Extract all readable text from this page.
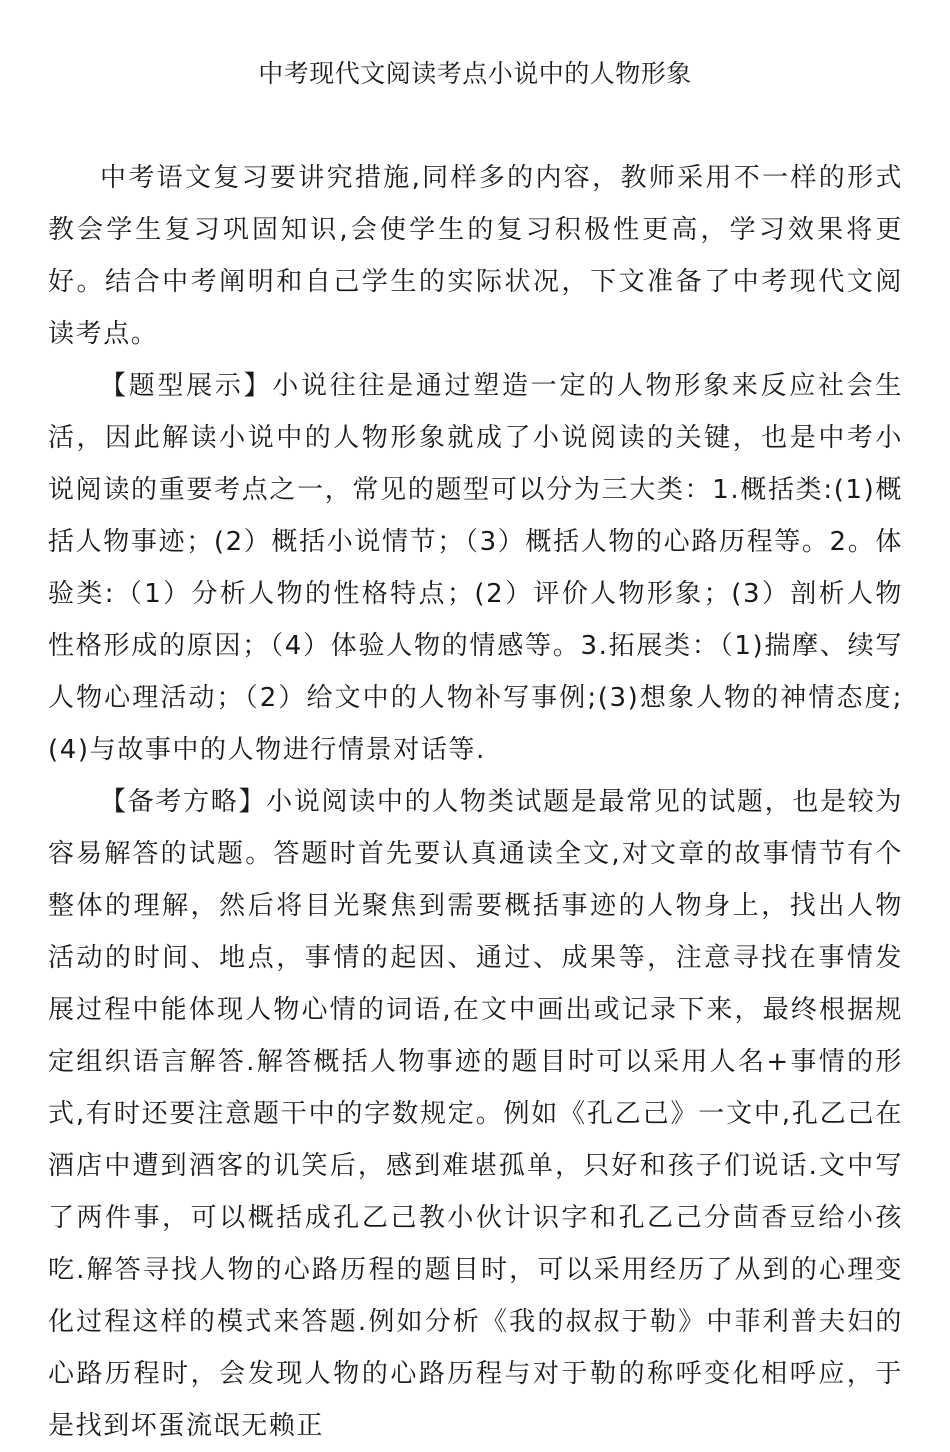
中考现代文阅读考点小说中的人物形象

中考语文复习要讲究措施,同样多的内容，教师采用不一样的形式教会学生复习巩固知识,会使学生的复习积极性更高，学习效果将更好。结合中考阐明和自己学生的实际状况，下文准备了中考现代文阅读考点。

【题型展示】小说往往是通过塑造一定的人物形象来反应社会生活，因此解读小说中的人物形象就成了小说阅读的关键，也是中考小说阅读的重要考点之一，常见的题型可以分为三大类：1.概括类:(1)概括人物事迹；(2）概括小说情节；（3）概括人物的心路历程等。2。体验类:（1）分析人物的性格特点；(2）评价人物形象；(3）剖析人物性格形成的原因；（4）体验人物的情感等。3.拓展类：（1)揣摩、续写人物心理活动；（2）给文中的人物补写事例;(3)想象人物的神情态度;(4)与故事中的人物进行情景对话等.

【备考方略】小说阅读中的人物类试题是最常见的试题，也是较为容易解答的试题。答题时首先要认真通读全文,对文章的故事情节有个整体的理解，然后将目光聚焦到需要概括事迹的人物身上，找出人物活动的时间、地点，事情的起因、通过、成果等，注意寻找在事情发展过程中能体现人物心情的词语,在文中画出或记录下来，最终根据规定组织语言解答.解答概括人物事迹的题目时可以采用人名+事情的形式,有时还要注意题干中的字数规定。例如《孔乙己》一文中,孔乙己在酒店中遭到酒客的讥笑后，感到难堪孤单，只好和孩子们说话.文中写了两件事，可以概括成孔乙己教小伙计识字和孔乙己分茴香豆给小孩吃.解答寻找人物的心路历程的题目时，可以采用经历了从到的心理变化过程这样的模式来答题.例如分析《我的叔叔于勒》中菲利普夫妇的心路历程时，会发现人物的心路历程与对于勒的称呼变化相呼应，于是找到坏蛋流氓无赖正
